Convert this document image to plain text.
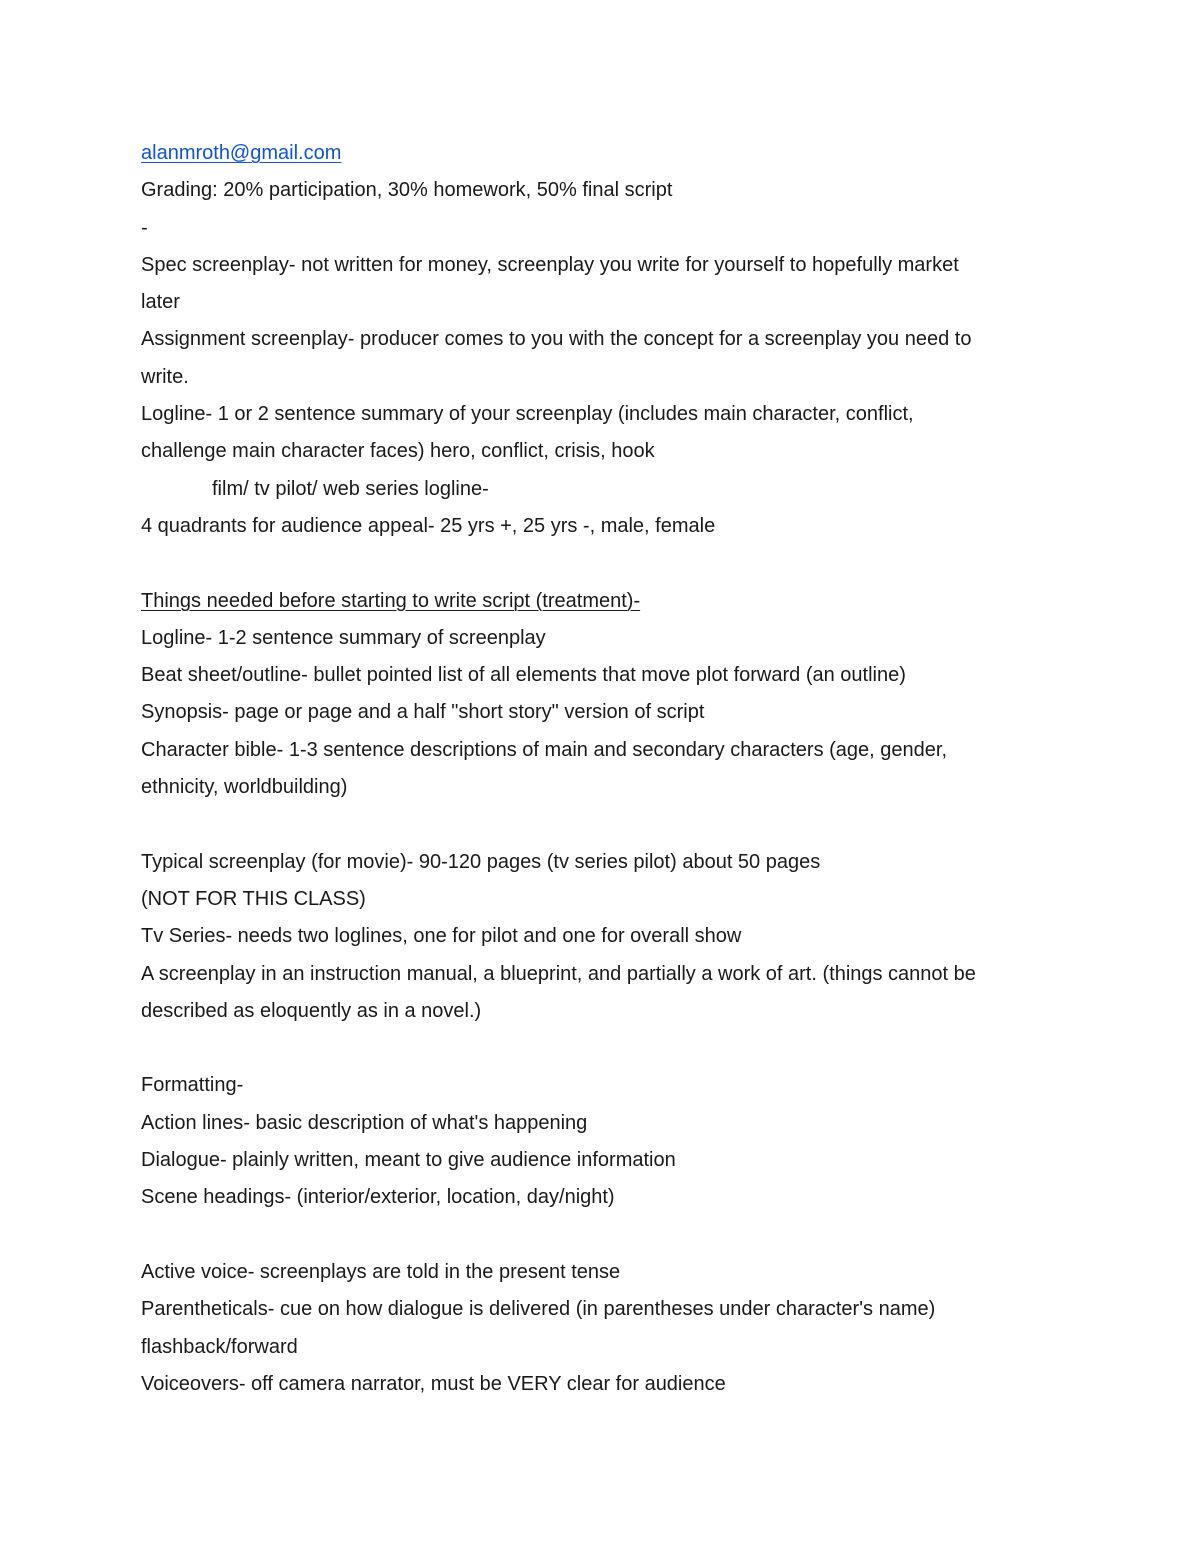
alanmroth@gmail.com
Grading: 20% participation, 30% homework, 50% final script
-
Spec screenplay- not written for money, screenplay you write for yourself to hopefully market
later
Assignment screenplay- producer comes to you with the concept for a screenplay you need to
write.
Logline- 1 or 2 sentence summary of your screenplay (includes main character, conflict,
challenge main character faces) hero, conflict, crisis, hook
film/ tv pilot/ web series logline-
4 quadrants for audience appeal- 25 yrs +, 25 yrs -, male, female
Things needed before starting to write script (treatment)-
Logline- 1-2 sentence summary of screenplay
Beat sheet/outline- bullet pointed list of all elements that move plot forward (an outline)
Synopsis- page or page and a half "short story" version of script
Character bible- 1-3 sentence descriptions of main and secondary characters (age, gender,
ethnicity, worldbuilding)
Typical screenplay (for movie)- 90-120 pages (tv series pilot) about 50 pages
(NOT FOR THIS CLASS)
Tv Series- needs two loglines, one for pilot and one for overall show
A screenplay in an instruction manual, a blueprint, and partially a work of art. (things cannot be
described as eloquently as in a novel.)
Formatting-
Action lines- basic description of what's happening
Dialogue- plainly written, meant to give audience information
Scene headings- (interior/exterior, location, day/night)
Active voice- screenplays are told in the present tense
Parentheticals- cue on how dialogue is delivered (in parentheses under character's name)
flashback/forward
Voiceovers- off camera narrator, must be VERY clear for audience
